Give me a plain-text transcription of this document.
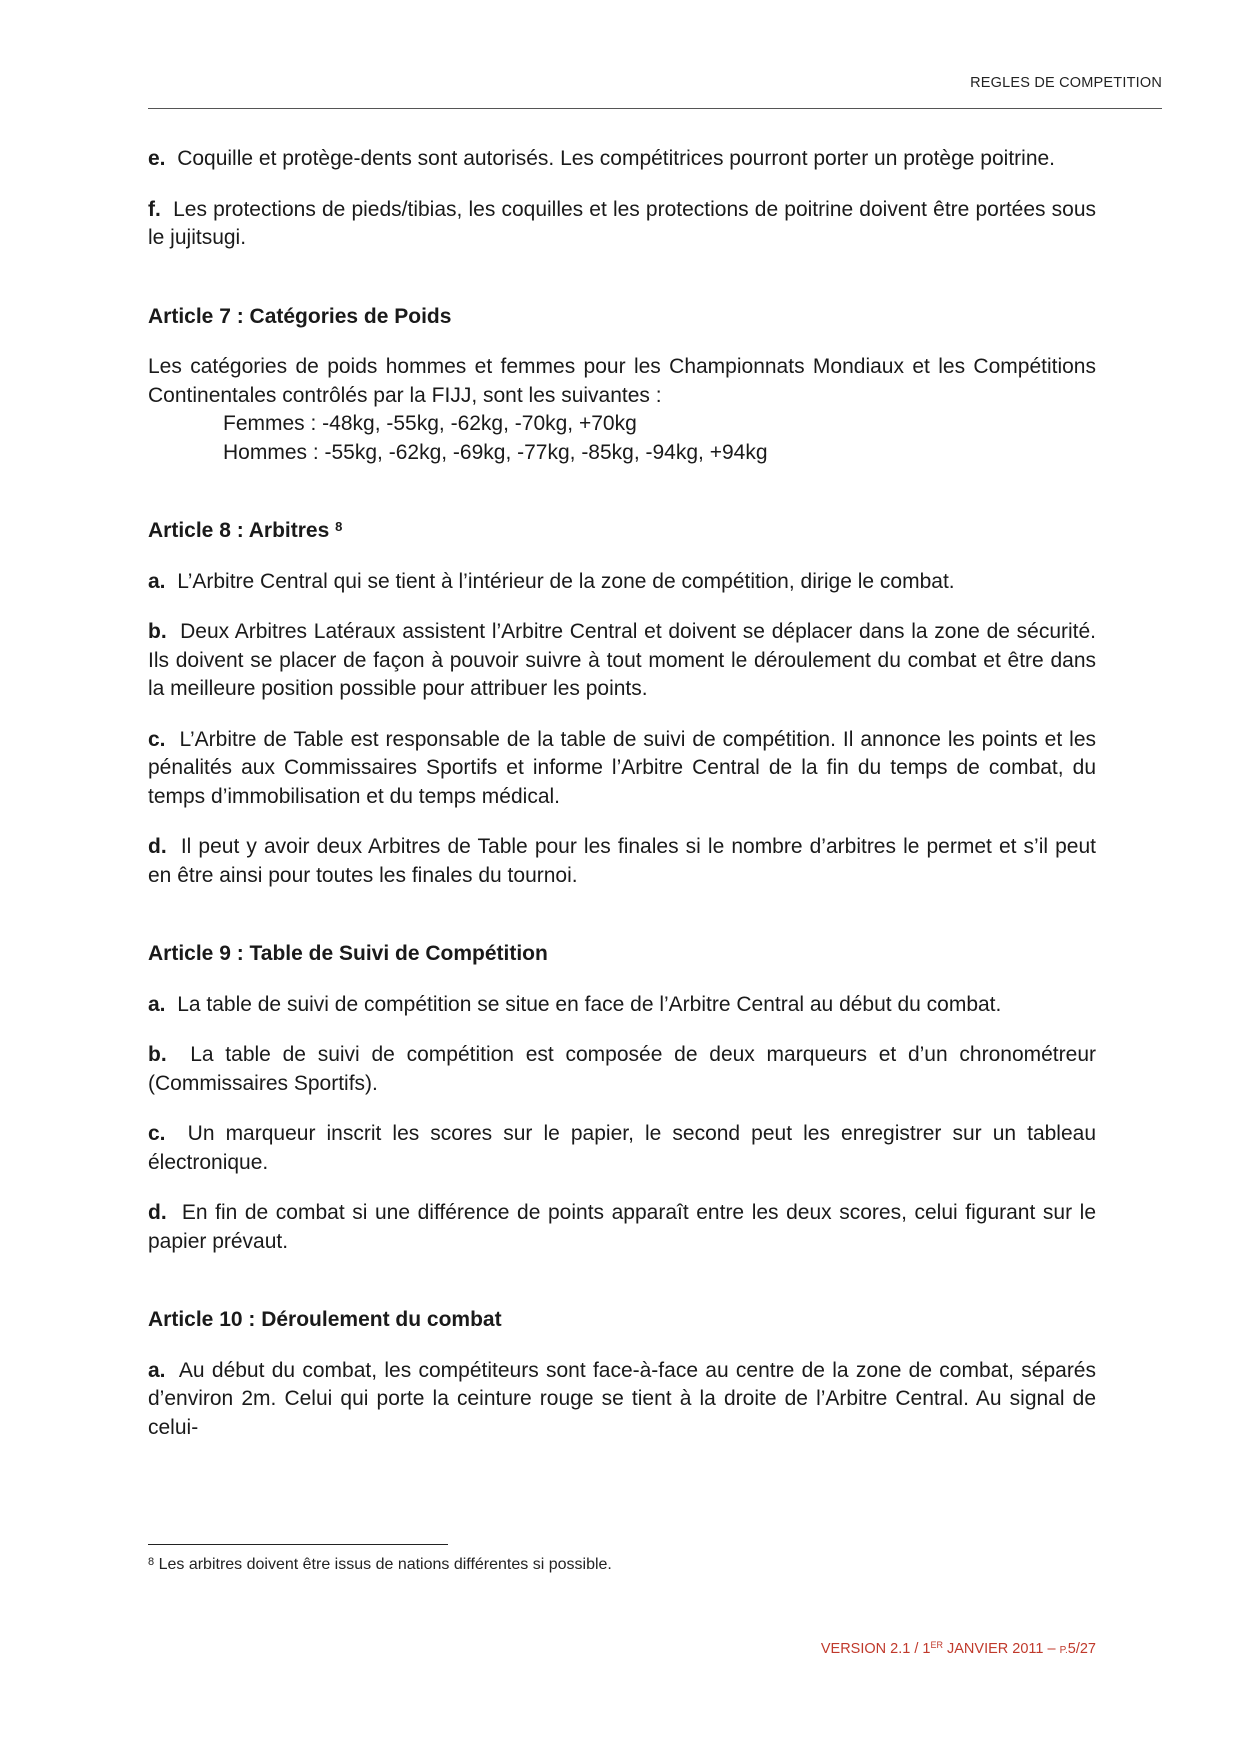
REGLES DE COMPETITION

e. Coquille et protège-dents sont autorisés. Les compétitrices pourront porter un protège poitrine.

f. Les protections de pieds/tibias, les coquilles et les protections de poitrine doivent être portées sous le jujitsugi.

Article 7 : Catégories de Poids

Les catégories de poids hommes et femmes pour les Championnats Mondiaux et les Compétitions Continentales contrôlés par la FIJJ, sont les suivantes :

Femmes : -48kg, -55kg, -62kg, -70kg, +70kg

Hommes : -55kg, -62kg, -69kg, -77kg, -85kg, -94kg, +94kg

Article 8 : Arbitres $^8$

a. L’Arbitre Central qui se tient à l’intérieur de la zone de compétition, dirige le combat.

b. Deux Arbitres Latéraux assistent l’Arbitre Central et doivent se déplacer dans la zone de sécurité. Ils doivent se placer de façon à pouvoir suivre à tout moment le déroulement du combat et être dans la meilleure position possible pour attribuer les points.

c. L’Arbitre de Table est responsable de la table de suivi de compétition. Il annonce les points et les pénalités aux Commissaires Sportifs et informe l’Arbitre Central de la fin du temps de combat, du temps d’immobilisation et du temps médical.

d. Il peut y avoir deux Arbitres de Table pour les finales si le nombre d’arbitres le permet et s’il peut en être ainsi pour toutes les finales du tournoi.

Article 9 : Table de Suivi de Compétition

a. La table de suivi de compétition se situe en face de l’Arbitre Central au début du combat.

b. La table de suivi de compétition est composée de deux marqueurs et d’un chronométreur (Commissaires Sportifs).

c. Un marqueur inscrit les scores sur le papier, le second peut les enregistrer sur un tableau électronique.

d. En fin de combat si une différence de points apparaît entre les deux scores, celui figurant sur le papier prévaut.

Article 10 : Déroulement du combat

a. Au début du combat, les compétiteurs sont face-à-face au centre de la zone de combat, séparés d’environ 2m. Celui qui porte la ceinture rouge se tient à la droite de l’Arbitre Central. Au signal de celui-

$^8$ Les arbitres doivent être issus de nations différentes si possible.
VERSION 2.1 / 1ER JANVIER 2011 – P.5/27
